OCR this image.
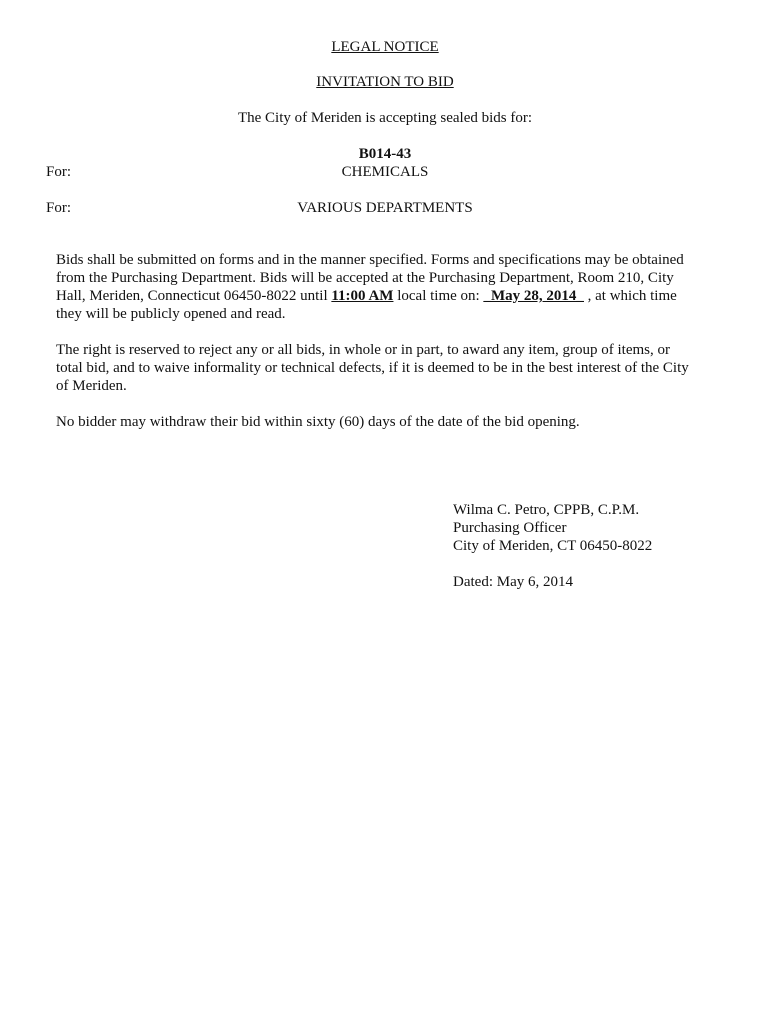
LEGAL NOTICE
INVITATION TO BID
The City of Meriden is accepting sealed bids for:
For:
B014-43
CHEMICALS
For:	VARIOUS DEPARTMENTS
Bids shall be submitted on forms and in the manner specified. Forms and specifications may be obtained
from the Purchasing Department. Bids will be accepted at the Purchasing Department, Room 210, City
Hall, Meriden, Connecticut 06450-8022 until 11:00 AM local time on: _May 28, 2014_ , at which time
they will be publicly opened and read.
The right is reserved to reject any or all bids, in whole or in part, to award any item, group of items, or
total bid, and to waive informality or technical defects, if it is deemed to be in the best interest of the City
of Meriden.
No bidder may withdraw their bid within sixty (60) days of the date of the bid opening.
Wilma C. Petro, CPPB, C.P.M.
Purchasing Officer
City of Meriden, CT 06450-8022
Dated: May 6, 2014
